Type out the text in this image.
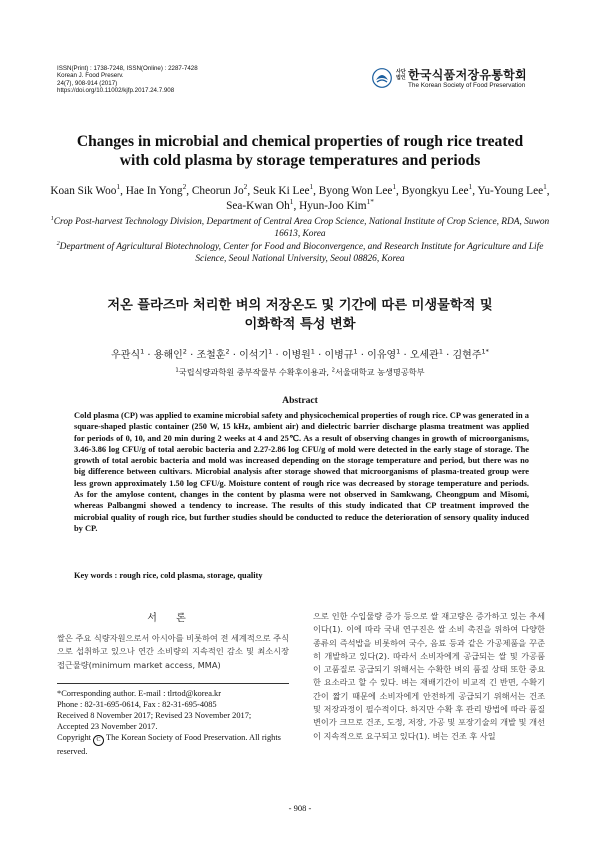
ISSN(Print) : 1738-7248, ISSN(Online) : 2287-7428
Korean J. Food Preserv.
24(7), 908-914 (2017)
https://doi.org/10.11002/kjfp.2017.24.7.908
사단법인 한국식품저장유통학회
The Korean Society of Food Preservation
Changes in microbial and chemical properties of rough rice treated
with cold plasma by storage temperatures and periods
Koan Sik Woo$^1$, Hae In Yong$^2$, Cheorun Jo$^2$, Seuk Ki Lee$^1$, Byong Won Lee$^1$, Byongkyu Lee$^1$, Yu-Young Lee$^1$, Sea-Kwan Oh$^1$, Hyun-Joo Kim$^{1*}$

$^1$Crop Post-harvest Technology Division, Department of Central Area Crop Science, National Institute of Crop Science, RDA, Suwon 16613, Korea

$^2$Department of Agricultural Biotechnology, Center for Food and Bioconvergence, and Research Institute for Agriculture and Life Science, Seoul National University, Seoul 08826, Korea

저온 플라즈마 처리한 벼의 저장온도 및 기간에 따른 미생물학적 및
이화학적 특성 변화
우관식$^1$ · 용해인$^2$ · 조철훈$^2$ · 이석기$^1$ · 이병원$^1$ · 이병규$^1$ · 이유영$^1$ · 오세관$^1$ · 김현주$^{1*}$
$^1$국립식량과학원 중부작물부 수확후이용과, $^2$서울대학교 농생명공학부
Abstract

Cold plasma (CP) was applied to examine microbial safety and physicochemical properties of rough rice. CP was generated in a square-shaped plastic container (250 W, 15 kHz, ambient air) and dielectric barrier discharge plasma treatment was applied for periods of 0, 10, and 20 min during 2 weeks at 4 and 25℃. As a result of observing changes in growth of microorganisms, 3.46-3.86 log CFU/g of total aerobic bacteria and 2.27-2.86 log CFU/g of mold were detected in the early stage of storage. The growth of total aerobic bacteria and mold was increased depending on the storage temperature and period, but there was no big difference between cultivars. Microbial analysis after storage showed that microorganisms of plasma-treated group were less grown approximately 1.50 log CFU/g. Moisture content of rough rice was decreased by storage temperature and periods. As for the amylose content, changes in the content by plasma were not observed in Samkwang, Cheongpum and Misomi, whereas Palbangmi showed a tendency to increase. The results of this study indicated that CP treatment improved the microbial quality of rough rice, but further studies should be conducted to reduce the deterioration of sensory quality induced by CP.

Key words : rough rice, cold plasma, storage, quality
서 론

쌀은 주요 식량자원으로서 아시아를 비롯하여 전 세계적으로 주식으로 섭취하고 있으나 연간 소비량의 지속적인 감소 및 최소시장 접근물량(minimum market access, MMA)

으로 인한 수입물량 증가 등으로 쌀 재고량은 증가하고 있는 추세이다(1). 이에 따라 국내 연구진은 쌀 소비 촉진을 위하여 다양한 종류의 즉석밥을 비롯하여 국수, 음료 등과 같은 가공제품을 꾸준히 개발하고 있다(2). 따라서 소비자에게 공급되는 쌀 및 가공품이 고품질로 공급되기 위해서는 수확한 벼의 품질 상태 또한 중요한 요소라고 할 수 있다. 벼는 재배기간이 비교적 긴 반면, 수확기간이 짧기 때문에 소비자에게 안전하게 공급되기 위해서는 건조 및 저장과정이 필수적이다. 하지만 수확 후 관리 방법에 따라 품질변이가 크므로 건조, 도정, 저장, 가공 및 포장기술의 개발 및 개선이 지속적으로 요구되고 있다(1). 벼는 건조 후 사일

*Corresponding author. E-mail : tlrtod@korea.kr
Phone : 82-31-695-0614, Fax : 82-31-695-4085
Received 8 November 2017; Revised 23 November 2017;
Accepted 23 November 2017.
Copyright C The Korean Society of Food Preservation. All rights reserved.
- 908 -
